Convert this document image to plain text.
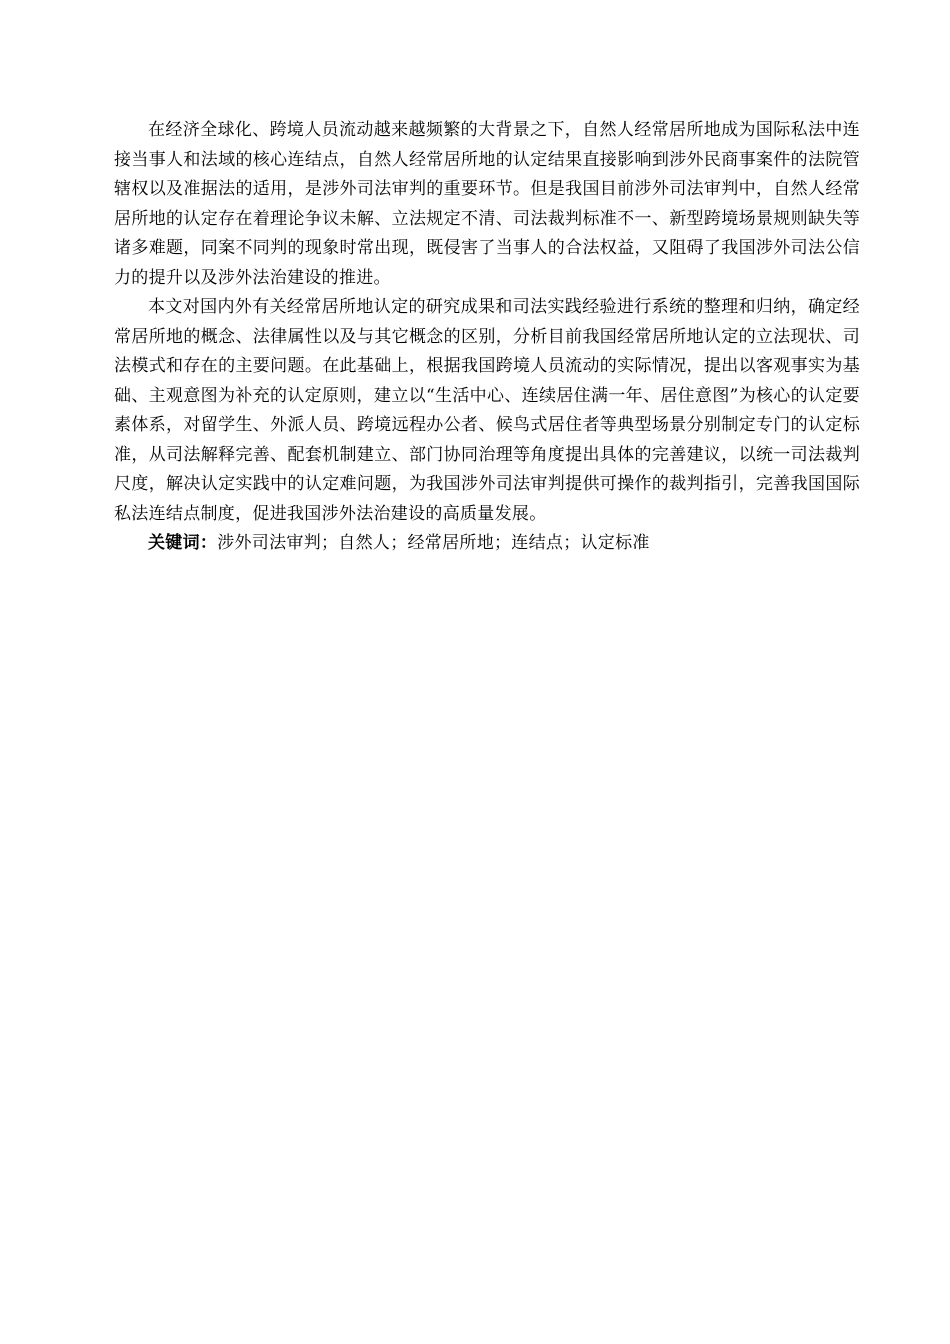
在经济全球化、跨境人员流动越来越频繁的大背景之下，自然人经常居所地成为国际私法中连接当事人和法域的核心连结点，自然人经常居所地的认定结果直接影响到涉外民商事案件的法院管辖权以及准据法的适用，是涉外司法审判的重要环节。但是我国目前涉外司法审判中，自然人经常居所地的认定存在着理论争议未解、立法规定不清、司法裁判标准不一、新型跨境场景规则缺失等诸多难题，同案不同判的现象时常出现，既侵害了当事人的合法权益，又阻碍了我国涉外司法公信力的提升以及涉外法治建设的推进。

本文对国内外有关经常居所地认定的研究成果和司法实践经验进行系统的整理和归纳，确定经常居所地的概念、法律属性以及与其它概念的区别，分析目前我国经常居所地认定的立法现状、司法模式和存在的主要问题。在此基础上，根据我国跨境人员流动的实际情况，提出以客观事实为基础、主观意图为补充的认定原则，建立以“生活中心、连续居住满一年、居住意图”为核心的认定要素体系，对留学生、外派人员、跨境远程办公者、候鸟式居住者等典型场景分别制定专门的认定标准，从司法解释完善、配套机制建立、部门协同治理等角度提出具体的完善建议，以统一司法裁判尺度，解决认定实践中的认定难问题，为我国涉外司法审判提供可操作的裁判指引，完善我国国际私法连结点制度，促进我国涉外法治建设的高质量发展。

关键词：涉外司法审判；自然人；经常居所地；连结点；认定标准
